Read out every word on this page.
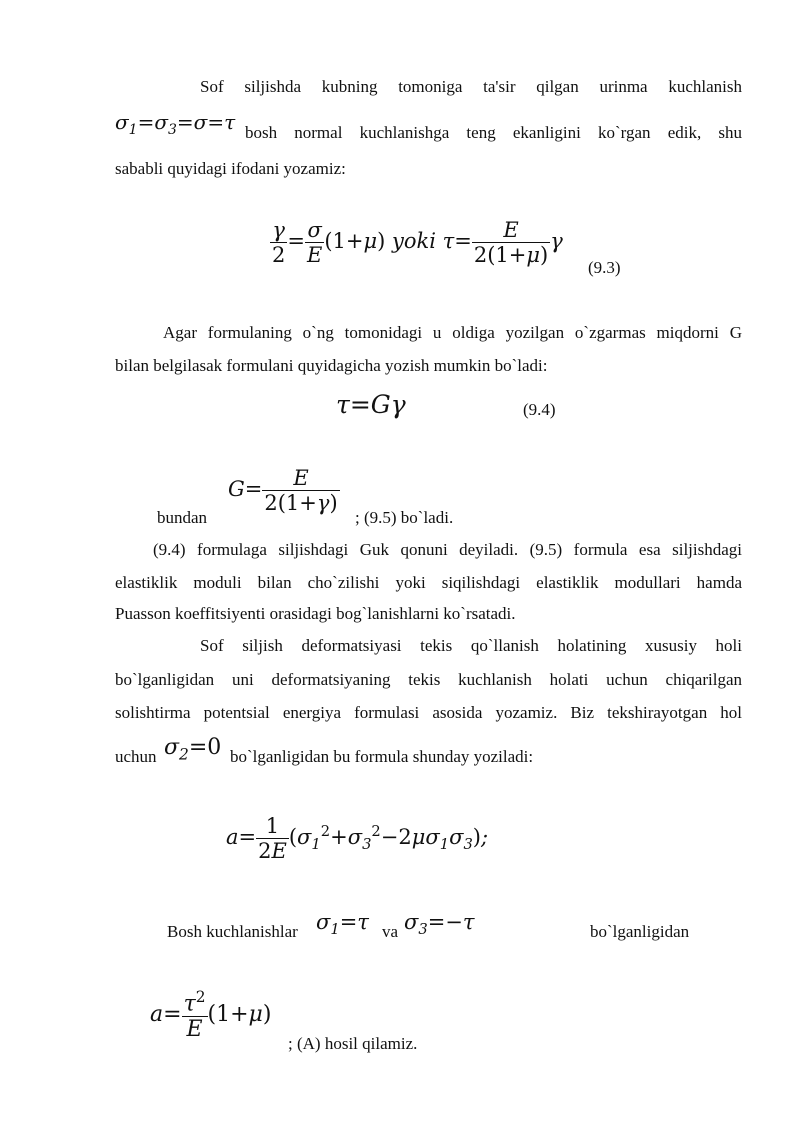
Sof siljishda kubning tomoniga ta'sir qilgan urinma kuchlanish
$\sigma_1=\sigma_3=\sigma=\tau$ bosh normal kuchlanishga teng ekanligini ko`rgan edik, shu
sababli quyidagi ifodani yozamiz:
$\frac{\gamma}{2} = \frac{\sigma}{E} (1+\mu)$ yoki $\tau= \frac{E}{2(1+\mu)}$ γ
(9.3)
Agar formulaning o`ng tomonidagi u oldiga yozilgan o`zgarmas miqdorni G
bilan belgilasak formulani quyidagicha yozish mumkin bo`ladi:
τ=Gγ	(9.4)
bundan
$G= \frac{E}{2(1+\gamma)}$
; (9.5) bo`ladi.
(9.4) formulaga siljishdagi Guk qonuni deyiladi. (9.5) formula esa siljishdagi
elastiklik moduli bilan cho`zilishi yoki siqilishdagi elastiklik modullari hamda
Puasson koeffitsiyenti orasidagi bog`lanishlarni ko`rsatadi.
Sof siljish deformatsiyasi tekis qo`llanish holatining xususiy holi
bo`lganligidan uni deformatsiyaning tekis kuchlanish holati uchun chiqarilgan
solishtirma potentsial energiya formulasi asosida yozamiz. Biz tekshirayotgan hol
uchun $\sigma_2=0$ bo`lganligidan bu formula shunday yoziladi:
$a= \frac{1}{2E} (\sigma_1^2+\sigma_3^2-2\mu\sigma_1\sigma_3)$;
Bosh kuchlanishlar $\sigma_1=\tau$ va $\sigma_3=-\tau$	bo`lganligidan
$a= \frac{\tau^2}{E} (1+\mu)$
; (A) hosil qilamiz.
